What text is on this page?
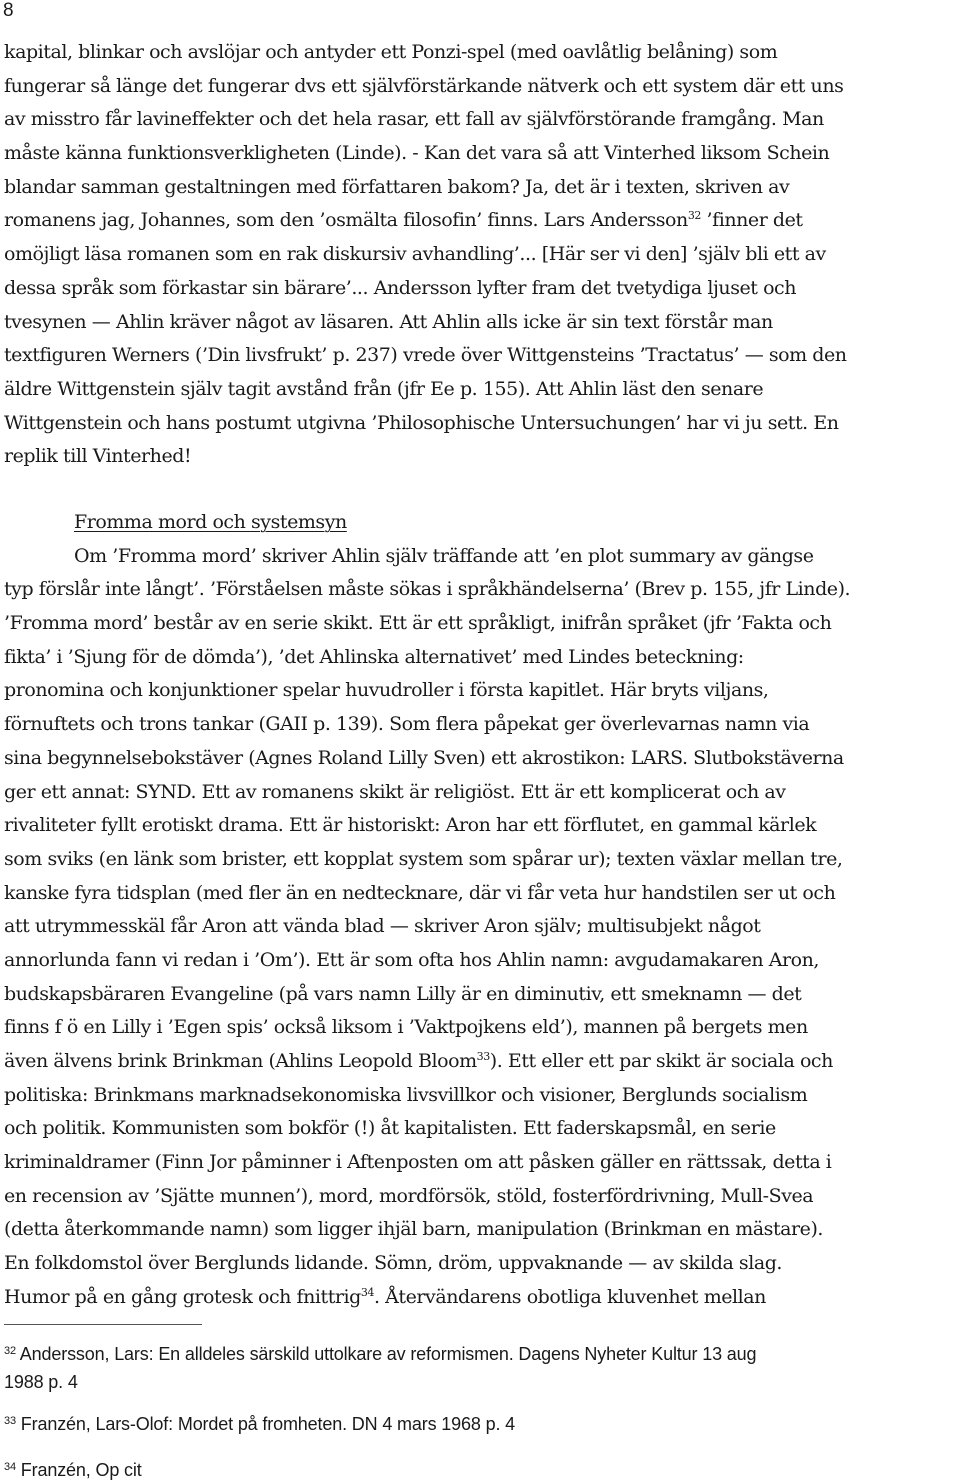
8
kapital, blinkar och avslöjar och antyder ett Ponzi-spel (med oavlåtlig belåning) som
fungerar så länge det fungerar dvs ett självförstärkande nätverk och ett system där ett uns
av misstro får lavineffekter och det hela rasar, ett fall av självförstörande framgång. Man
måste känna funktionsverkligheten (Linde). - Kan det vara så att Vinterhed liksom Schein
blandar samman gestaltningen med författaren bakom? Ja, det är i texten, skriven av
romanens jag, Johannes, som den ’osmälta filosofin’ finns. Lars Andersson$^{32}$ ’finner det
omöjligt läsa romanen som en rak diskursiv avhandling’... [Här ser vi den] ’själv bli ett av
dessa språk som förkastar sin bärare’... Andersson lyfter fram det tvetydiga ljuset och
tvesynen — Ahlin kräver något av läsaren. Att Ahlin alls icke är sin text förstår man
textfiguren Werners (’Din livsfrukt’ p. 237) vrede över Wittgensteins ’Tractatus’ — som den
äldre Wittgenstein själv tagit avstånd från (jfr Ee p. 155). Att Ahlin läst den senare
Wittgenstein och hans postumt utgivna ’Philosophische Untersuchungen’ har vi ju sett. En
replik till Vinterhed!
Fromma mord och systemsyn
Om ’Fromma mord’ skriver Ahlin själv träffande att ’en plot summary av gängse
typ förslår inte långt’. ’Förståelsen måste sökas i språkhändelserna’ (Brev p. 155, jfr Linde).
’Fromma mord’ består av en serie skikt. Ett är ett språkligt, inifrån språket (jfr ’Fakta och
fikta’ i ’Sjung för de dömda’), ’det Ahlinska alternativet’ med Lindes beteckning:
pronomina och konjunktioner spelar huvudroller i första kapitlet. Här bryts viljans,
förnuftets och trons tankar (GAII p. 139). Som flera påpekat ger överlevarnas namn via
sina begynnelsebokstäver (Agnes Roland Lilly Sven) ett akrostikon: LARS. Slutbokstäverna
ger ett annat: SYND. Ett av romanens skikt är religiöst. Ett är ett komplicerat och av
rivaliteter fyllt erotiskt drama. Ett är historiskt: Aron har ett förflutet, en gammal kärlek
som sviks (en länk som brister, ett kopplat system som spårar ur); texten växlar mellan tre,
kanske fyra tidsplan (med fler än en nedtecknare, där vi får veta hur handstilen ser ut och
att utrymmesskäl får Aron att vända blad — skriver Aron själv; multisubjekt något
annorlunda fann vi redan i ’Om’). Ett är som ofta hos Ahlin namn: avgudamakaren Aron,
budskapsbäraren Evangeline (på vars namn Lilly är en diminutiv, ett smeknamn — det
finns f ö en Lilly i ’Egen spis’ också liksom i ’Vaktpojkens eld’), mannen på bergets men
även älvens brink Brinkman (Ahlins Leopold Bloom$^{33}$). Ett eller ett par skikt är sociala och
politiska: Brinkmans marknadsekonomiska livsvillkor och visioner, Berglunds socialism
och politik. Kommunisten som bokför (!) åt kapitalisten. Ett faderskapsmål, en serie
kriminaldramer (Finn Jor påminner i Aftenposten om att påsken gäller en rättssak, detta i
en recension av ’Sjätte munnen’), mord, mordförsök, stöld, fosterfördrivning, Mull-Svea
(detta återkommande namn) som ligger ihjäl barn, manipulation (Brinkman en mästare).
En folkdomstol över Berglunds lidande. Sömn, dröm, uppvaknande — av skilda slag.
Humor på en gång grotesk och fnittrig$^{34}$. Återvändarens obotliga kluvenhet mellan
$^{32}$ Andersson, Lars: En alldeles särskild uttolkare av reformismen. Dagens Nyheter Kultur 13 aug
1988 p. 4
$^{33}$ Franzén, Lars-Olof: Mordet på fromheten. DN 4 mars 1968 p. 4
$^{34}$ Franzén, Op cit
